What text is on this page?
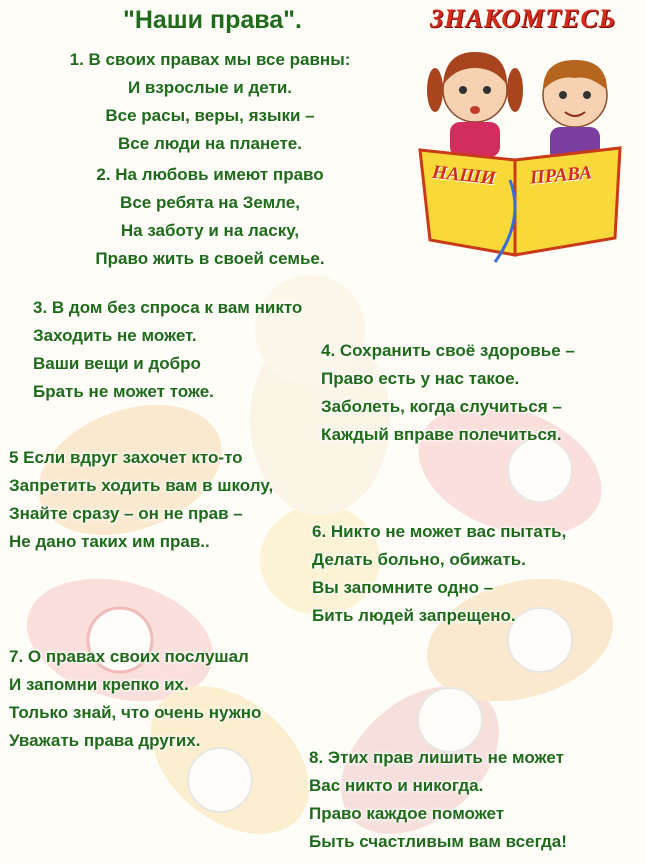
ЗНАКОМТЕСЬ
НАШИ ПРАВА
"Наши права".
1. В своих правах мы все равны:
И взрослые и дети.
Все расы, веры, языки –
Все люди на планете.
2. На любовь имеют право
Все ребята на Земле,
На заботу и на ласку,
Право жить в своей семье.
3. В дом без спроса к вам никто
Заходить не может.
Ваши вещи и добро
Брать не может тоже.
4. Сохранить своё здоровье –
Право есть у нас такое.
Заболеть, когда случиться –
Каждый вправе полечиться.
5 Если вдруг захочет кто-то
Запретить ходить вам в школу,
Знайте сразу – он не прав –
Не дано таких им прав..
6. Никто не может вас пытать,
Делать больно, обижать.
Вы запомните одно –
Бить людей запрещено.
7. О правах своих послушал
И запомни крепко их.
Только знай, что очень нужно
Уважать права других.
8. Этих прав лишить не может
Вас никто и никогда.
Право каждое поможет
Быть счастливым вам всегда!
